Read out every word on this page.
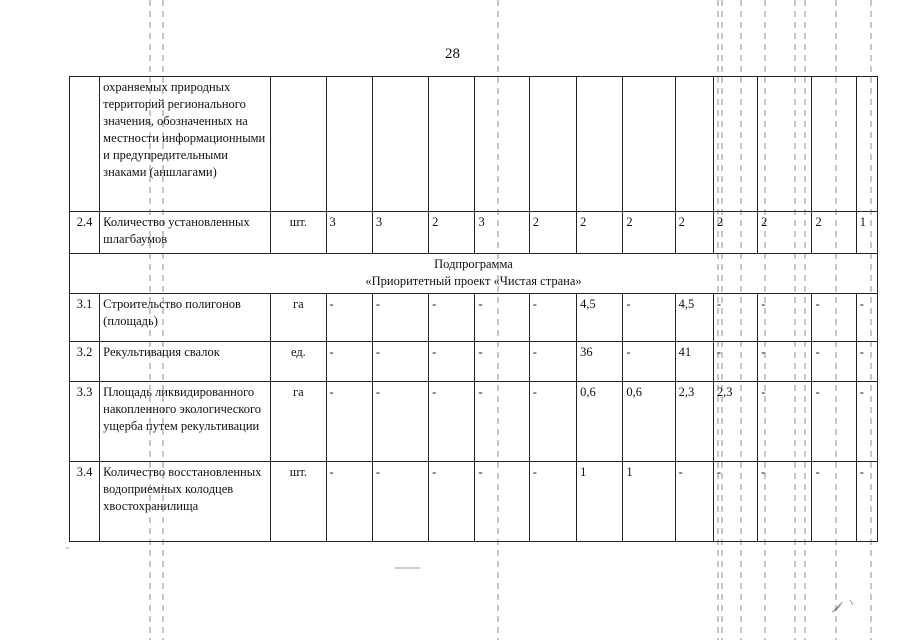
28
	охраняемых природных территорий регионального значения, обозначенных на местности информационными и предупредительными знаками (аншлагами)													
2.4	Количество установленных шлагбаумов	шт.	3	3	2	3	2	2	2	2	2	2	2	1

Подпрограмма
«Приоритетный проект «Чистая страна»														

3.1	Строительство полигонов (площадь)	га	-	-	-	-	-	4,5	-	4,5	-	-	-	-
3.2	Рекультивация свалок	ед.	-	-	-	-	-	36	-	41	-	-	-	-
3.3	Площадь ликвидированного накопленного экологического ущерба путем рекультивации	га	-	-	-	-	-	0,6	0,6	2,3	2,3	-	-	-
3.4	Количество восстановленных водоприемных колодцев хвостохранилища	шт.	-	-	-	-	-	1	1	-	-	-	-	-
